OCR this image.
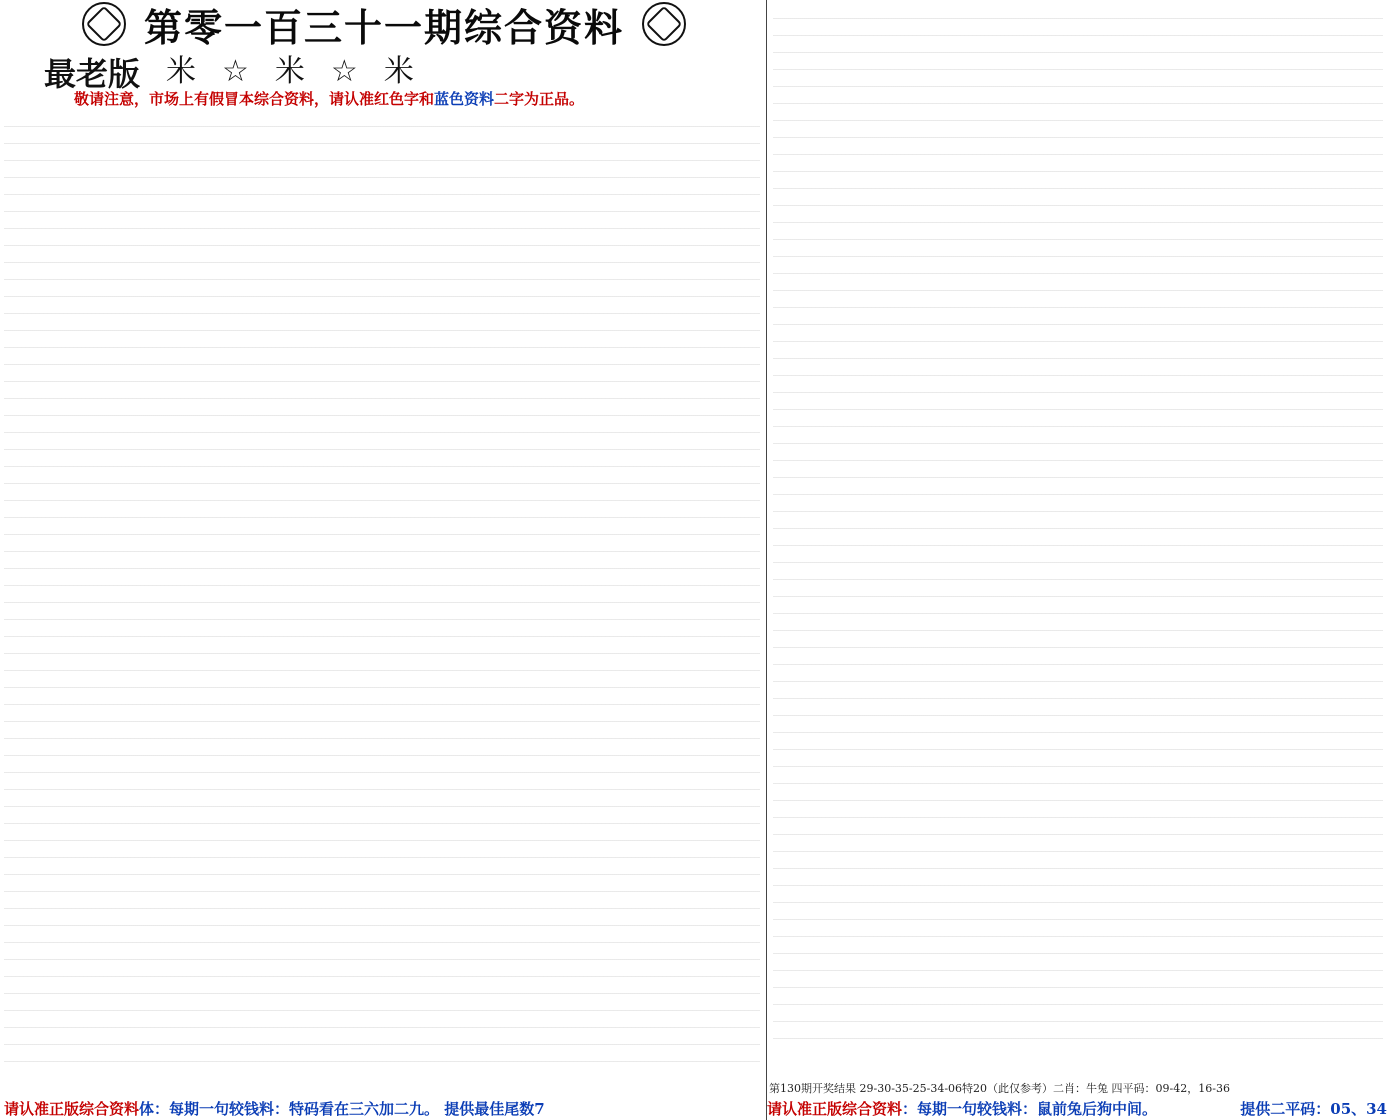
第零一百三十一期综合资料
最老版 米 ☆ 米 ☆ 米
敬请注意，市场上有假冒本综合资料，请认准红色字和蓝色资料二字为正品。
请认准正版综合资料体：每期一句较钱料：特码看在三六加二九。 提供最佳尾数7
第130期开奖结果 29-30-35-25-34-06特20（此仅参考）二肖：牛兔 四平码：09-42，16-36
请认准正版综合资料：每期一句较钱料：鼠前兔后狗中间。	提供二平码：05、34
